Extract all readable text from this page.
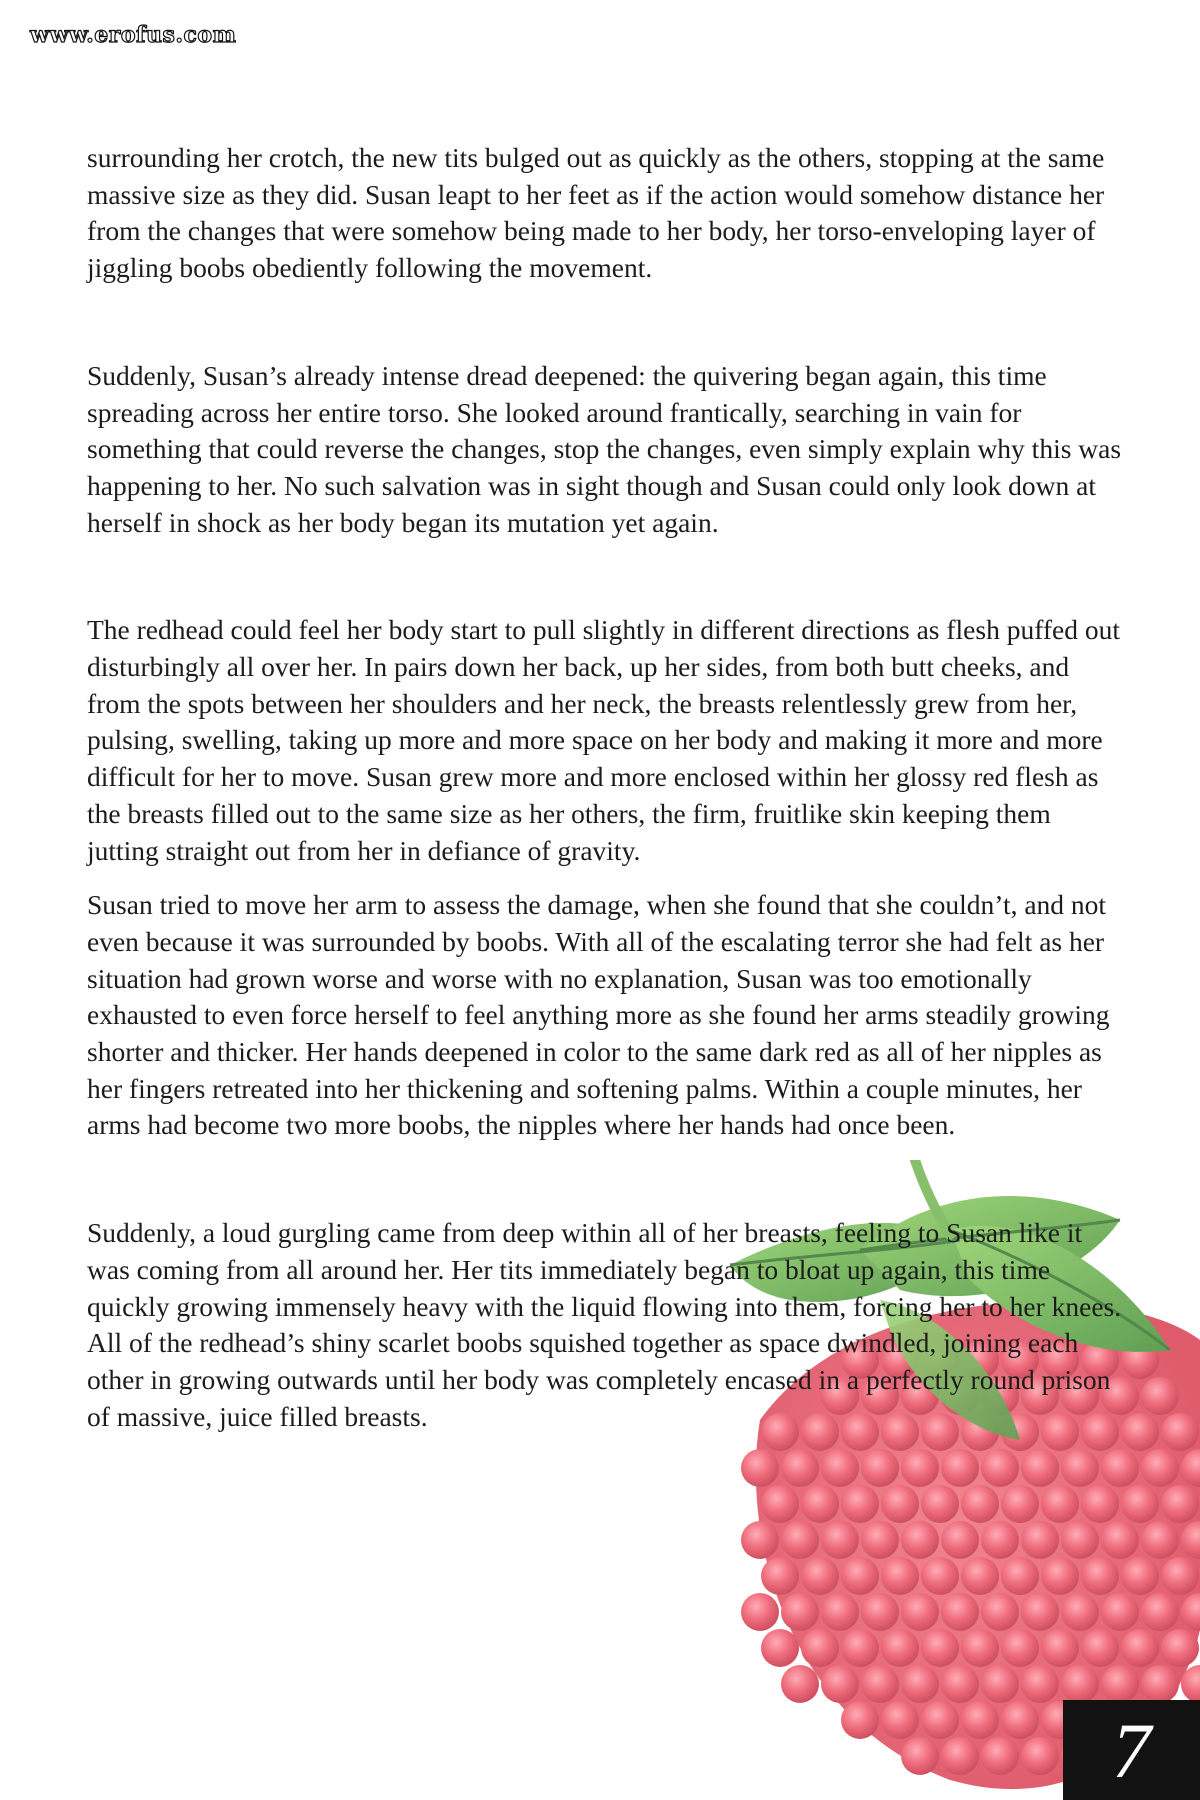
www.erofus.com

surrounding her crotch, the new tits bulged out as quickly as the others, stopping at the same massive size as they did. Susan leapt to her feet as if the action would somehow distance her from the changes that were somehow being made to her body, her torso-enveloping layer of jiggling boobs obediently following the movement.

Suddenly, Susan’s already intense dread deepened: the quivering began again, this time spreading across her entire torso. She looked around frantically, searching in vain for something that could reverse the changes, stop the changes, even simply explain why this was happening to her. No such salvation was in sight though and Susan could only look down at herself in shock as her body began its mutation yet again.

The redhead could feel her body start to pull slightly in different directions as flesh puffed out disturbingly all over her. In pairs down her back, up her sides, from both butt cheeks, and from the spots between her shoulders and her neck, the breasts relentlessly grew from her, pulsing, swelling, taking up more and more space on her body and making it more and more difficult for her to move. Susan grew more and more enclosed within her glossy red flesh as the breasts filled out to the same size as her others, the firm, fruitlike skin keeping them jutting straight out from her in defiance of gravity.

Susan tried to move her arm to assess the damage, when she found that she couldn’t, and not even because it was surrounded by boobs. With all of the escalating terror she had felt as her situation had grown worse and worse with no explanation, Susan was too emotionally exhausted to even force herself to feel anything more as she found her arms steadily growing shorter and thicker. Her hands deepened in color to the same dark red as all of her nipples as her fingers retreated into her thickening and softening palms. Within a couple minutes, her arms had become two more boobs, the nipples where her hands had once been.

Suddenly, a loud gurgling came from deep within all of her breasts, feeling to Susan like it was coming from all around her. Her tits immediately began to bloat up again, this time quickly growing immensely heavy with the liquid flowing into them, forcing her to her knees. All of the redhead’s shiny scarlet boobs squished together as space dwindled, joining each other in growing outwards until her body was completely encased in a perfectly round prison of massive, juice filled breasts.

7
